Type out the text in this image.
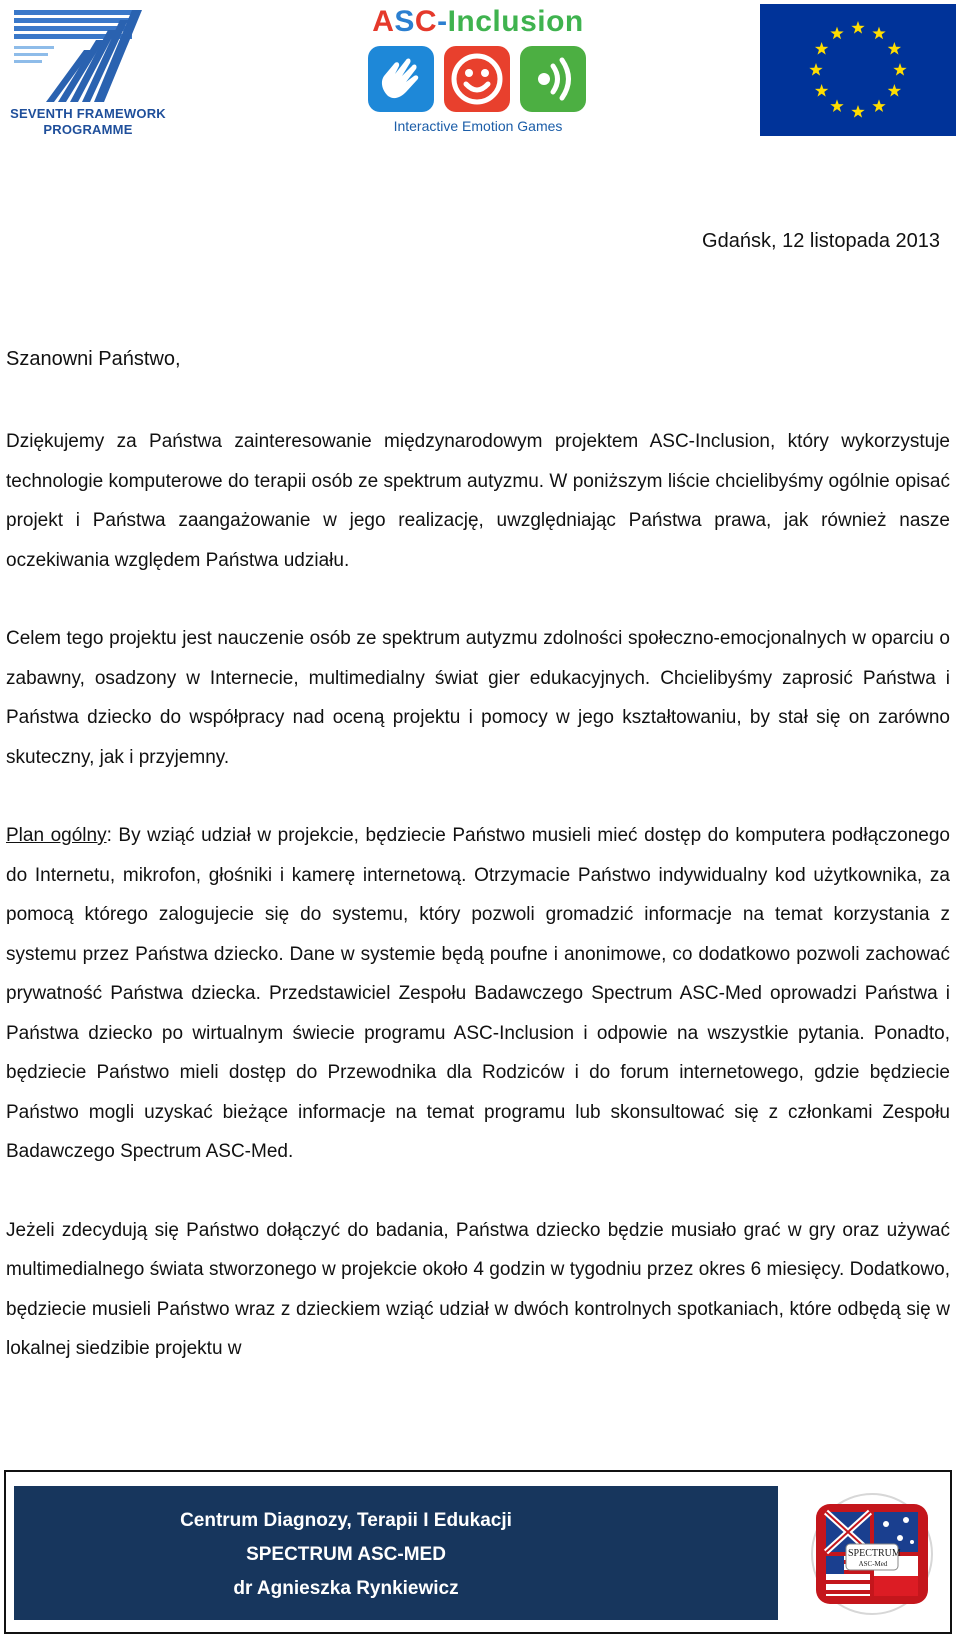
SEVENTH FRAMEWORK
PROGRAMME
ASC-Inclusion
Interactive Emotion Games
Gdańsk, 12 listopada 2013
Szanowni Państwo,

Dziękujemy za Państwa zainteresowanie międzynarodowym projektem ASC-Inclusion, który wykorzystuje technologie komputerowe do terapii osób ze spektrum autyzmu. W poniższym liście chcielibyśmy ogólnie opisać projekt i Państwa zaangażowanie w jego realizację, uwzględniając Państwa prawa, jak również nasze oczekiwania względem Państwa udziału.

Celem tego projektu jest nauczenie osób ze spektrum autyzmu zdolności społeczno-emocjonalnych w oparciu o zabawny, osadzony w Internecie, multimedialny świat gier edukacyjnych. Chcielibyśmy zaprosić Państwa i Państwa dziecko do współpracy nad oceną projektu i pomocy w jego kształtowaniu, by stał się on zarówno skuteczny, jak i przyjemny.

Plan ogólny: By wziąć udział w projekcie, będziecie Państwo musieli mieć dostęp do komputera podłączonego do Internetu, mikrofon, głośniki i kamerę internetową. Otrzymacie Państwo indywidualny kod użytkownika, za pomocą którego zalogujecie się do systemu, który pozwoli gromadzić informacje na temat korzystania z systemu przez Państwa dziecko. Dane w systemie będą poufne i anonimowe, co dodatkowo pozwoli zachować prywatność Państwa dziecka. Przedstawiciel Zespołu Badawczego Spectrum ASC-Med oprowadzi Państwa i Państwa dziecko po wirtualnym świecie programu ASC-Inclusion i odpowie na wszystkie pytania. Ponadto, będziecie Państwo mieli dostęp do Przewodnika dla Rodziców i do forum internetowego, gdzie będziecie Państwo mogli uzyskać bieżące informacje na temat programu lub skonsultować się z członkami Zespołu Badawczego Spectrum ASC-Med.

Jeżeli zdecydują się Państwo dołączyć do badania, Państwa dziecko będzie musiało grać w gry oraz używać multimedialnego świata stworzonego w projekcie około 4 godzin w tygodniu przez okres 6 miesięcy. Dodatkowo, będziecie musieli Państwo wraz z dzieckiem wziąć udział w dwóch kontrolnych spotkaniach, które odbędą się w lokalnej siedzibie projektu w

Centrum Diagnozy, Terapii I Edukacji
SPECTRUM ASC-MED
dr Agnieszka Rynkiewicz
SPECTRUM
ASC-Med
